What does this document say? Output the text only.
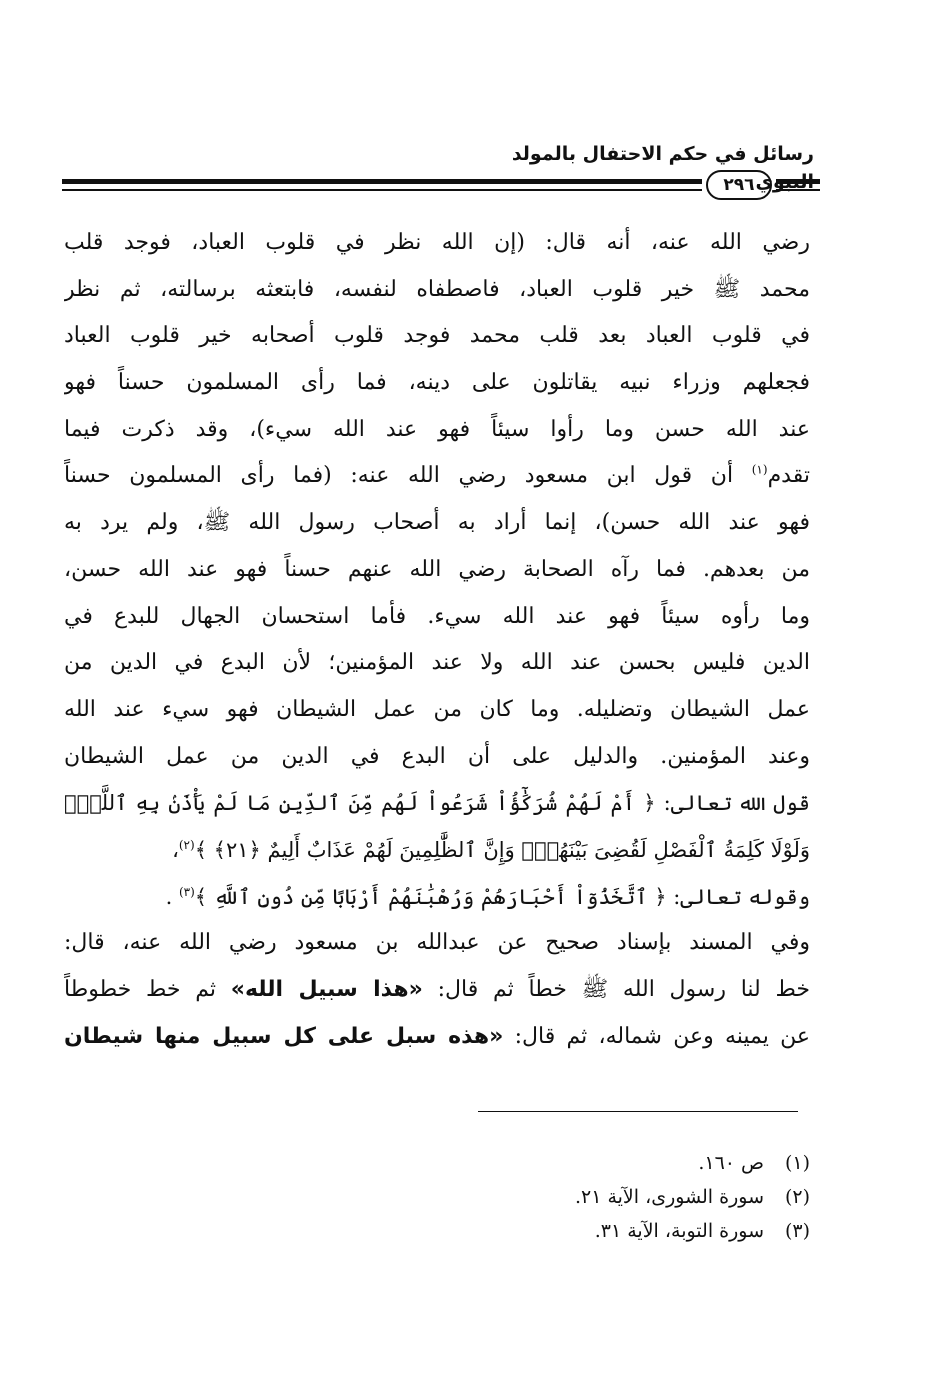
رسائل في حكم الاحتفال بالمولد النبوي
٢٩٦
رضي الله عنه، أنه قال: (إن الله نظر في قلوب العباد، فوجد قلب
محمد ﷺ خير قلوب العباد، فاصطفاه لنفسه، فابتعثه برسالته، ثم نظر
في قلوب العباد بعد قلب محمد فوجد قلوب أصحابه خير قلوب العباد
فجعلهم وزراء نبيه يقاتلون على دينه، فما رأى المسلمون حسناً فهو
عند الله حسن وما رأوا سيئاً فهو عند الله سيء)، وقد ذكرت فيما
تقدم$^{(١)}$ أن قول ابن مسعود رضي الله عنه: (فما رأى المسلمون حسناً
فهو عند الله حسن)، إنما أراد به أصحاب رسول الله ﷺ، ولم يرد به
من بعدهم. فما رآه الصحابة رضي الله عنهم حسناً فهو عند الله حسن،
وما رأوه سيئاً فهو عند الله سيء. فأما استحسان الجهال للبدع في
الدين فليس بحسن عند الله ولا عند المؤمنين؛ لأن البدع في الدين من
عمل الشيطان وتضليله. وما كان من عمل الشيطان فهو سيء عند الله
وعند المؤمنين. والدليل على أن البدع في الدين من عمل الشيطان
قول الله تعالى: ﴿ أَمْ لَهُمْ شُرَكَٰٓؤُاْ شَرَعُواْ لَهُم مِّنَ ٱلدِّينِ مَا لَمْ يَأْذَنۢ بِهِ ٱللَّهُۚ
وَلَوْلَا كَلِمَةُ ٱلْفَصْلِ لَقُضِىَ بَيْنَهُمْۗ وَإِنَّ ٱلظَّٰلِمِينَ لَهُمْ عَذَابٌ أَلِيمٌ ﴿٢١﴾ ﴾$^{(٢)}$،
وقوله تعالى: ﴿ ٱتَّخَذُوٓاْ أَحْبَارَهُمْ وَرُهْبَٰنَهُمْ أَرْبَابًا مِّن دُونِ ٱللَّهِ ﴾$^{(٣)}$ .
وفي المسند بإسناد صحيح عن عبدالله بن مسعود رضي الله عنه، قال:
خط لنا رسول الله ﷺ خطاً ثم قال: «هذا سبيل الله» ثم خط خطوطاً
عن يمينه وعن شماله، ثم قال: «هذه سبل على كل سبيل منها شيطان
(١)ص ١٦٠.
(٢)سورة الشورى، الآية ٢١.
(٣)سورة التوبة، الآية ٣١.
